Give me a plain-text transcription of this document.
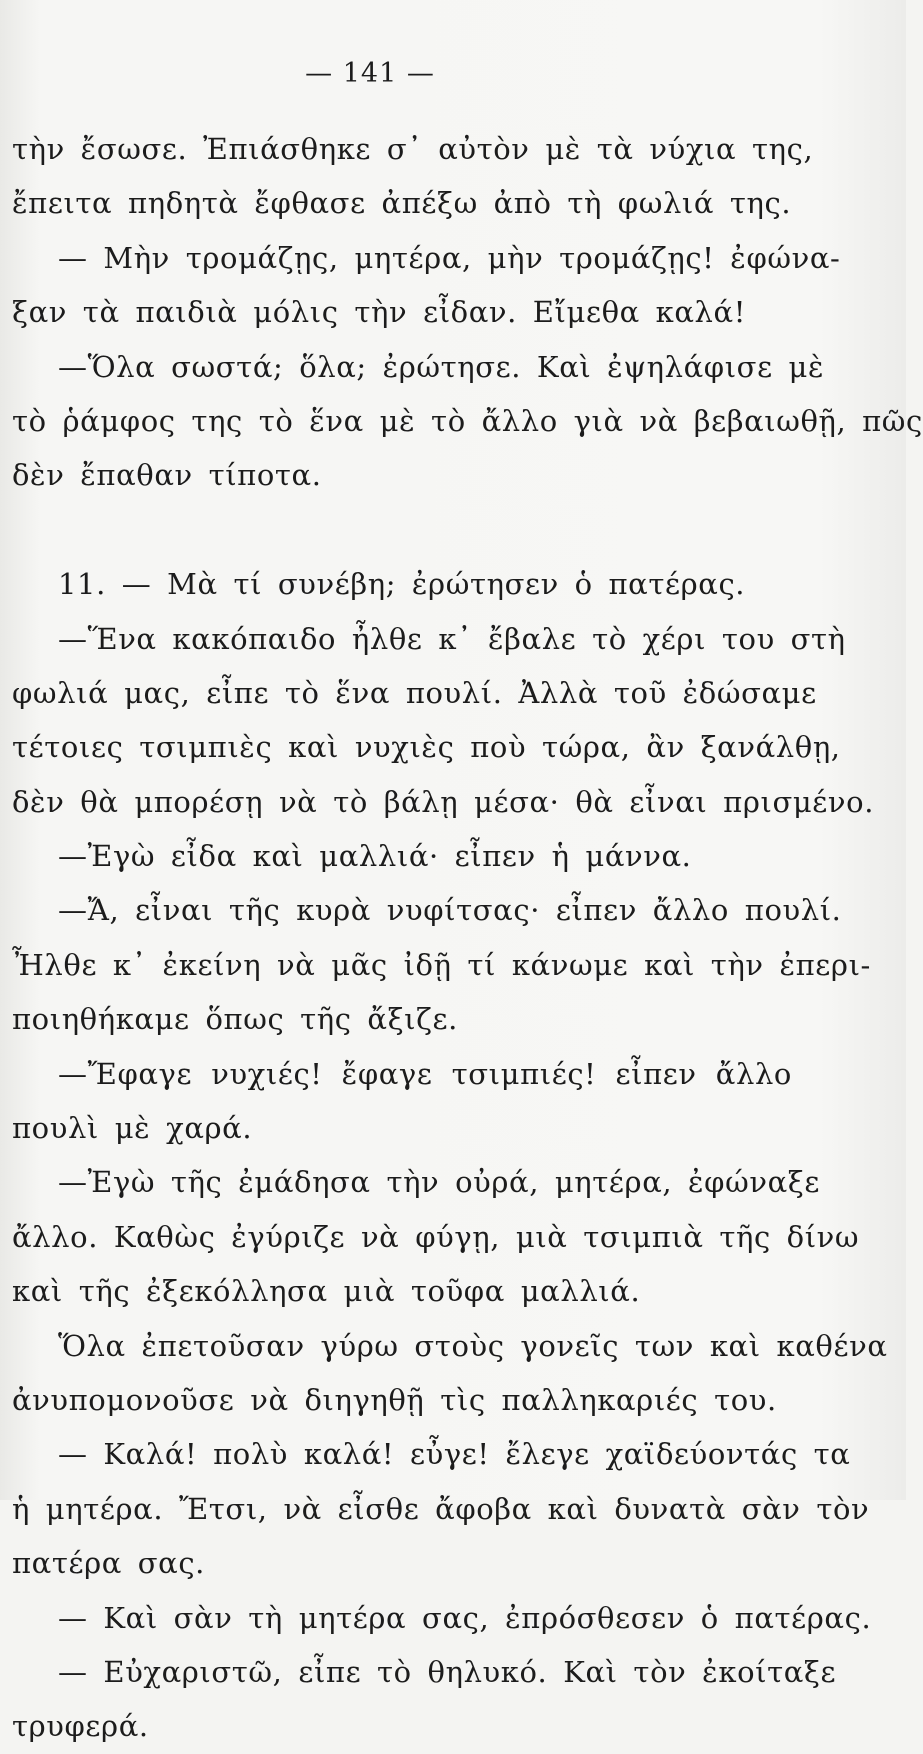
— 141 —
τὴν ἔσωσε. Ἐπιάσθηκε σ᾽ αὐτὸν μὲ τὰ νύχια της,
ἔπειτα πηδητὰ ἔφθασε ἀπέξω ἀπὸ τὴ φωλιά της.
— Μὴν τρομάζῃς, μητέρα, μὴν τρομάζῃς! ἐφώνα-
ξαν τὰ παιδιὰ μόλις τὴν εἶδαν. Εἴμεθα καλά!
—Ὅλα σωστά; ὅλα; ἐρώτησε. Καὶ ἐψηλάφισε μὲ
τὸ ῥάμφος της τὸ ἕνα μὲ τὸ ἄλλο γιὰ νὰ βεβαιωθῇ, πῶς
δὲν ἔπαθαν τίποτα.
11. — Μὰ τί συνέβη; ἐρώτησεν ὁ πατέρας.
—Ἕνα κακόπαιδο ἦλθε κ᾽ ἔβαλε τὸ χέρι του στὴ
φωλιά μας, εἶπε τὸ ἕνα πουλί. Ἀλλὰ τοῦ ἐδώσαμε
τέτοιες τσιμπιὲς καὶ νυχιὲς ποὺ τώρα, ἂν ξανάλθῃ,
δὲν θὰ μπορέσῃ νὰ τὸ βάλῃ μέσα· θὰ εἶναι πρισμένο.
—Ἐγὼ εἶδα καὶ μαλλιά· εἶπεν ἡ μάννα.
—Ἄ, εἶναι τῆς κυρὰ νυφίτσας· εἶπεν ἄλλο πουλί.
Ἦλθε κ᾽ ἐκείνη νὰ μᾶς ἰδῇ τί κάνωμε καὶ τὴν ἐπερι-
ποιηθήκαμε ὅπως τῆς ἄξιζε.
—Ἔφαγε νυχιές! ἔφαγε τσιμπιές! εἶπεν ἄλλο
πουλὶ μὲ χαρά.
—Ἐγὼ τῆς ἐμάδησα τὴν οὐρά, μητέρα, ἐφώναξε
ἄλλο. Καθὼς ἐγύριζε νὰ φύγῃ, μιὰ τσιμπιὰ τῆς δίνω
καὶ τῆς ἐξεκόλλησα μιὰ τοῦφα μαλλιά.
Ὅλα ἐπετοῦσαν γύρω στοὺς γονεῖς των καὶ καθένα
ἀνυπομονοῦσε νὰ διηγηθῇ τὶς παλληκαριές του.
— Καλά! πολὺ καλά! εὖγε! ἔλεγε χαϊδεύοντάς τα
ἡ μητέρα. Ἔτσι, νὰ εἶσθε ἄφοβα καὶ δυνατὰ σὰν τὸν
πατέρα σας.
— Καὶ σὰν τὴ μητέρα σας, ἐπρόσθεσεν ὁ πατέρας.
— Εὐχαριστῶ, εἶπε τὸ θηλυκό. Καὶ τὸν ἐκοίταξε
τρυφερά.
